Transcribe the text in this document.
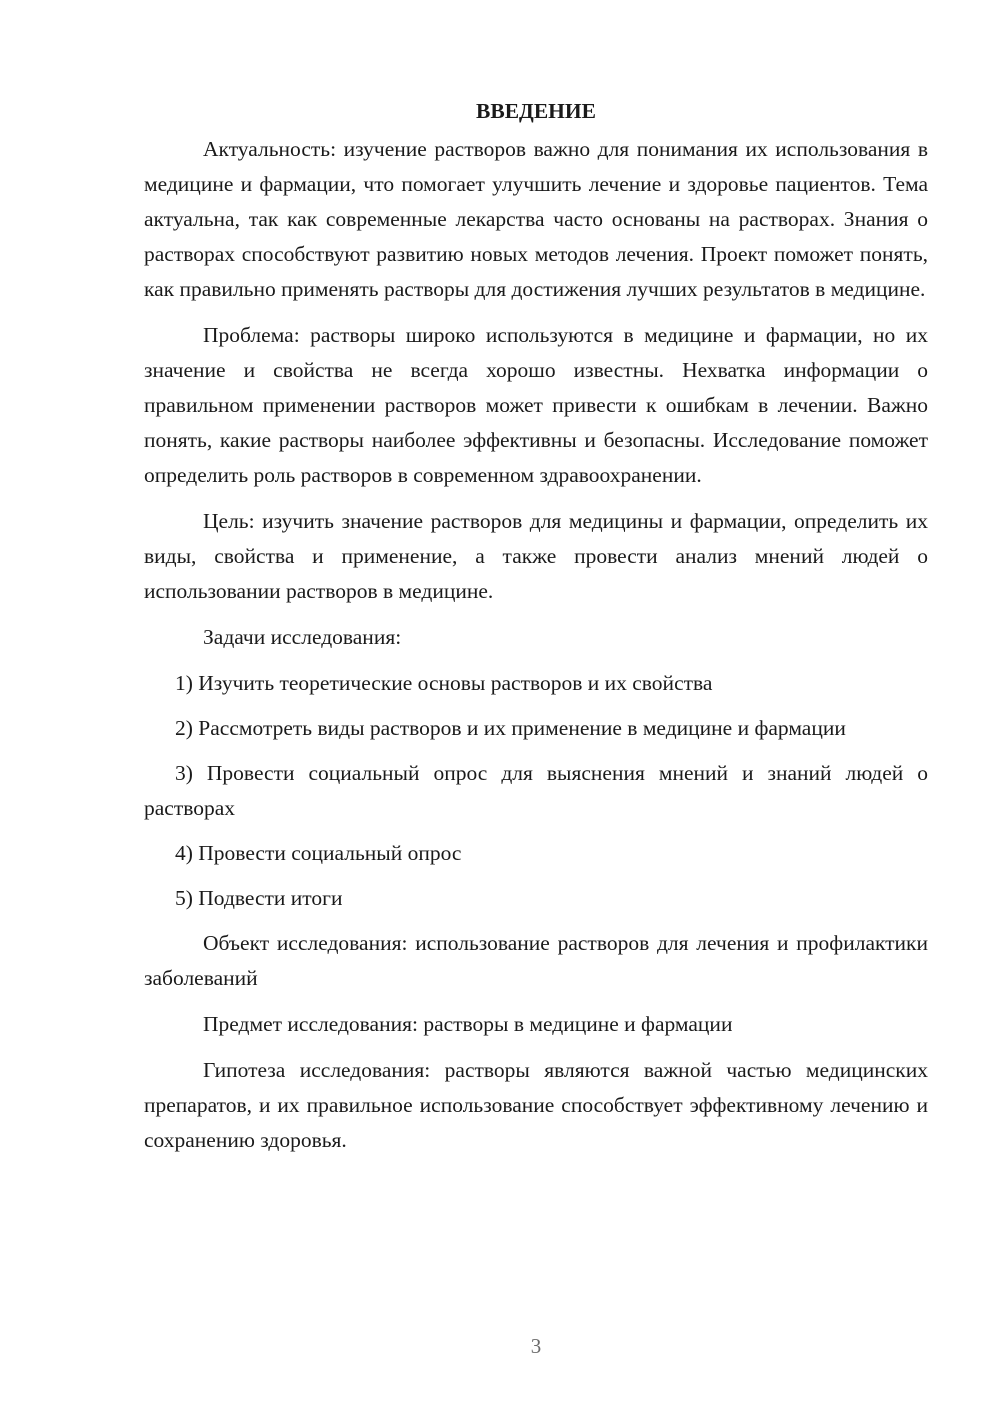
ВВЕДЕНИЕ

Актуальность: изучение растворов важно для понимания их использования в медицине и фармации, что помогает улучшить лечение и здоровье пациентов. Тема актуальна, так как современные лекарства часто основаны на растворах. Знания о растворах способствуют развитию новых методов лечения. Проект поможет понять, как правильно применять растворы для достижения лучших результатов в медицине.

Проблема: растворы широко используются в медицине и фармации, но их значение и свойства не всегда хорошо известны. Нехватка информации о правильном применении растворов может привести к ошибкам в лечении. Важно понять, какие растворы наиболее эффективны и безопасны. Исследование поможет определить роль растворов в современном здравоохранении.

Цель: изучить значение растворов для медицины и фармации, определить их виды, свойства и применение, а также провести анализ мнений людей о использовании растворов в медицине.

Задачи исследования:

1) Изучить теоретические основы растворов и их свойства

2) Рассмотреть виды растворов и их применение в медицине и фармации

3) Провести социальный опрос для выяснения мнений и знаний людей о растворах

4) Провести социальный опрос

5) Подвести итоги

Объект исследования: использование растворов для лечения и профилактики заболеваний

Предмет исследования: растворы в медицине и фармации

Гипотеза исследования: растворы являются важной частью медицинских препаратов, и их правильное использование способствует эффективному лечению и сохранению здоровья.

3
